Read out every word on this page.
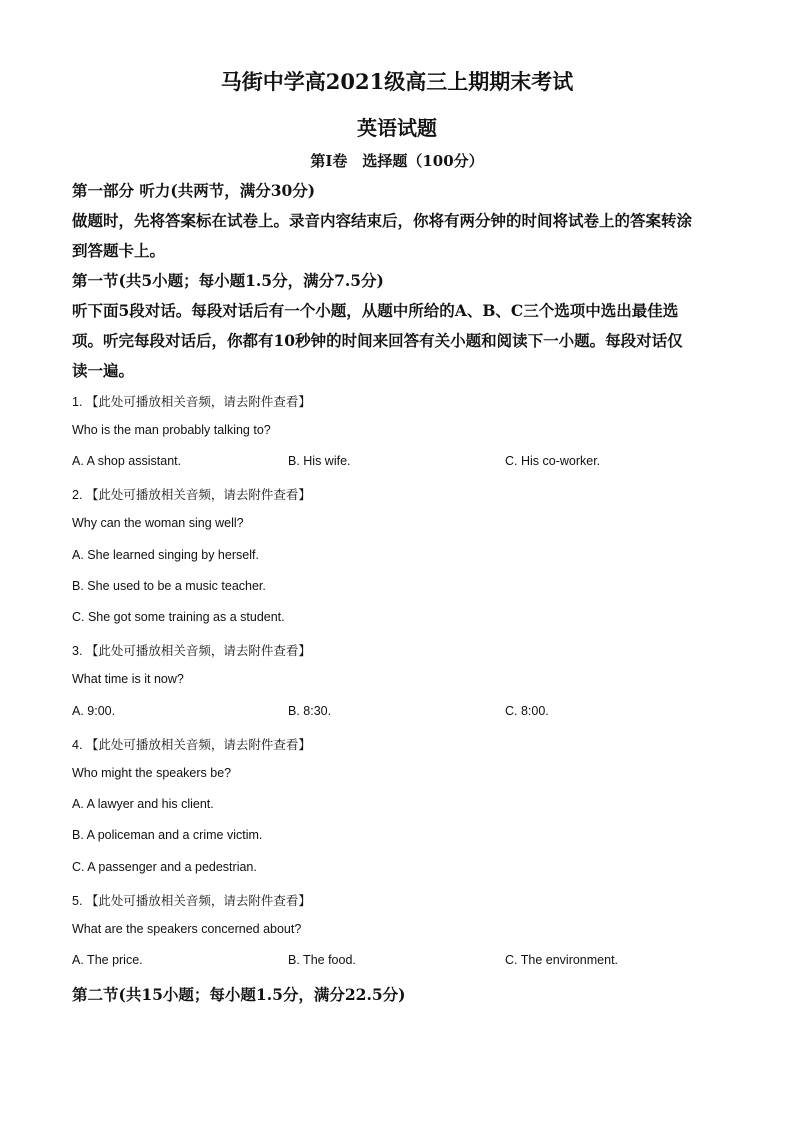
马街中学高2021级高三上期期末考试
英语试题
第I卷　选择题（100分）
第一部分 听力(共两节，满分30分)
做题时，先将答案标在试卷上。录音内容结束后，你将有两分钟的时间将试卷上的答案转涂
到答题卡上。
第一节(共5小题；每小题1.5分，满分7.5分)
听下面5段对话。每段对话后有一个小题，从题中所给的A、B、C三个选项中选出最佳选
项。听完每段对话后，你都有10秒钟的时间来回答有关小题和阅读下一小题。每段对话仅
读一遍。
1. 【此处可播放相关音频，请去附件查看】
Who is the man probably talking to?
A. A shop assistant.	B. His wife.	C. His co-worker.
2. 【此处可播放相关音频，请去附件查看】
Why can the woman sing well?
A. She learned singing by herself.
B. She used to be a music teacher.
C. She got some training as a student.
3. 【此处可播放相关音频，请去附件查看】
What time is it now?
A. 9:00.	B. 8:30.	C. 8:00.
4. 【此处可播放相关音频，请去附件查看】
Who might the speakers be?
A. A lawyer and his client.
B. A policeman and a crime victim.
C. A passenger and a pedestrian.
5. 【此处可播放相关音频，请去附件查看】
What are the speakers concerned about?
A. The price.	B. The food.	C. The environment.
第二节(共15小题；每小题1.5分，满分22.5分)
